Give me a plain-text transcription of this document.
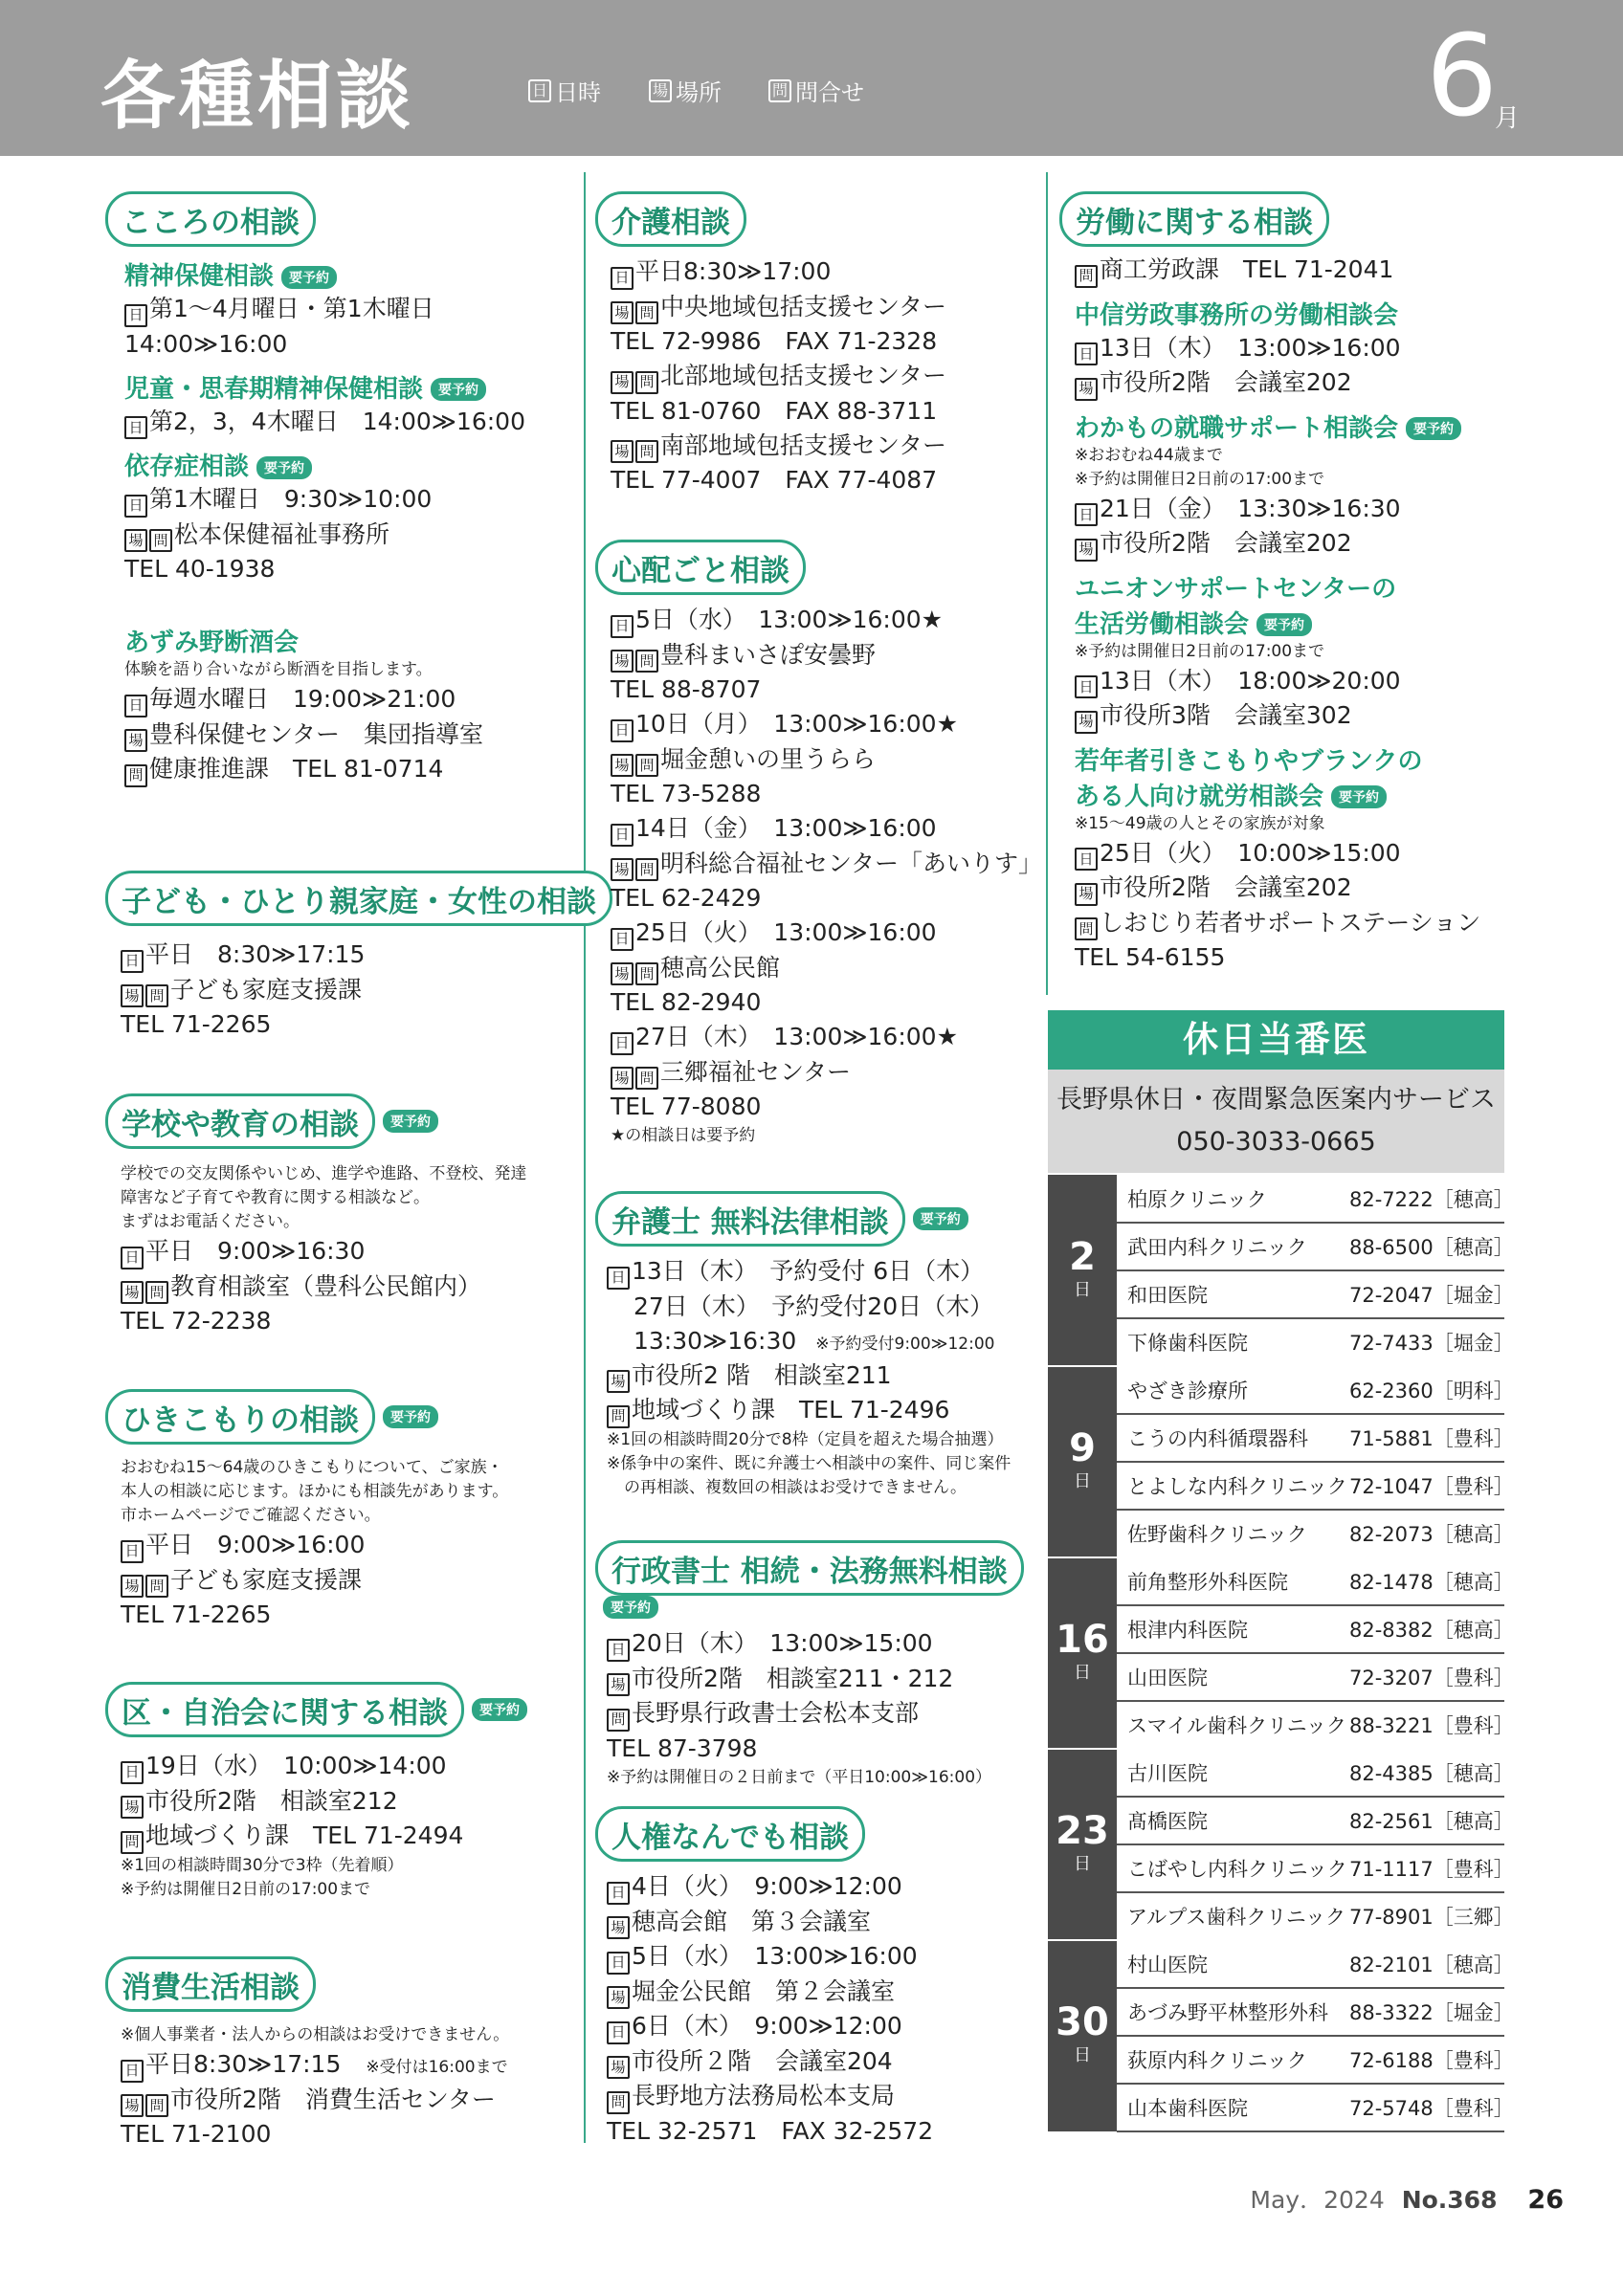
各種相談	日 日時	場 場所	問 問合せ	6
月
こころの相談
精神保健相談 要予約
日 第1～4月曜日・第1木曜日
14:00≫16:00
児童・思春期精神保健相談 要予約
日 第2，3，4木曜日　14:00≫16:00
依存症相談 要予約
日 第1木曜日　9:30≫10:00
場 問 松本保健福祉事務所
TEL 40-1938
あずみ野断酒会
体験を語り合いながら断酒を目指します。
日 毎週水曜日　19:00≫21:00
場 豊科保健センター　集団指導室
問 健康推進課　TEL 81-0714
子ども・ひとり親家庭・女性の相談
日 平日　8:30≫17:15
場 問 子ども家庭支援課
TEL 71-2265
学校や教育の相談 要予約
学校での交友関係やいじめ、進学や進路、不登校、発達
障害など子育てや教育に関する相談など。
まずはお電話ください。
日 平日　9:00≫16:30
場 問 教育相談室（豊科公民館内）
TEL 72-2238
ひきこもりの相談 要予約
おおむね15～64歳のひきこもりについて、ご家族・
本人の相談に応じます。ほかにも相談先があります。
市ホームページでご確認ください。
日 平日　9:00≫16:00
場 問 子ども家庭支援課
TEL 71-2265
区・自治会に関する相談 要予約
日 19日（水）　10:00≫14:00
場 市役所2階　相談室212
問 地域づくり課　TEL 71-2494
※1回の相談時間30分で3枠（先着順）
※予約は開催日2日前の17:00まで
消費生活相談
※個人事業者・法人からの相談はお受けできません。
日 平日8:30≫17:15 ※受付は16:00まで
場 問 市役所2階　消費生活センター
TEL 71-2100
介護相談
日 平日8:30≫17:00
場 問 中央地域包括支援センター
TEL 72-9986　FAX 71-2328
場 問 北部地域包括支援センター
TEL 81-0760　FAX 88-3711
場 問 南部地域包括支援センター
TEL 77-4007　FAX 77-4087
心配ごと相談
日 5日（水）　13:00≫16:00★
場 問 豊科まいさぽ安曇野
TEL 88-8707
日 10日（月）　13:00≫16:00★
場 問 堀金憩いの里うらら
TEL 73-5288
日 14日（金）　13:00≫16:00
場 問 明科総合福祉センター「あいりす」
TEL 62-2429
日 25日（火）　13:00≫16:00
場 問 穂高公民館
TEL 82-2940
日 27日（木）　13:00≫16:00★
場 問 三郷福祉センター
TEL 77-8080
★の相談日は要予約
弁護士 無料法律相談 要予約
日 13日（木）　予約受付 6日（木）
27日（木）　予約受付20日（木）
13:30≫16:30 ※予約受付9:00≫12:00
場 市役所2 階　相談室211
問 地域づくり課　TEL 71-2496
※1回の相談時間20分で8枠（定員を超えた場合抽選）
※係争中の案件、既に弁護士へ相談中の案件、同じ案件
の再相談、複数回の相談はお受けできません。
行政書士 相続・法務無料相談要予約
日 20日（木）　13:00≫15:00
場 市役所2階　相談室211・212
問 長野県行政書士会松本支部
TEL 87-3798
※予約は開催日の２日前まで（平日10:00≫16:00）
人権なんでも相談
日 4日（火）　9:00≫12:00
場 穂高会館　第３会議室
日 5日（水）　13:00≫16:00
場 堀金公民館　第２会議室
日 6日（木）　9:00≫12:00
場 市役所２階　会議室204
問 長野地方法務局松本支局
TEL 32-2571　FAX 32-2572
労働に関する相談
問 商工労政課　TEL 71-2041
中信労政事務所の労働相談会
日 13日（木）　13:00≫16:00
場 市役所2階　会議室202
わかもの就職サポート相談会 要予約
※おおむね44歳まで
※予約は開催日2日前の17:00まで
日 21日（金）　13:30≫16:30
場 市役所2階　会議室202
ユニオンサポートセンターの
生活労働相談会 要予約
※予約は開催日2日前の17:00まで
日 13日（木）　18:00≫20:00
場 市役所3階　会議室302
若年者引きこもりやブランクの
ある人向け就労相談会 要予約
※15～49歳の人とその家族が対象
日 25日（火）　10:00≫15:00
場 市役所2階　会議室202
問 しおじり若者サポートステーション
TEL 54-6155
休日当番医
長野県休日・夜間緊急医案内サービス
050-3033-0665
2
日
柏原クリニック	82-7222［穂高］
武田内科クリニック	88-6500［穂高］
和田医院	72-2047［堀金］
下條歯科医院	72-7433［堀金］
9
日
やざき診療所	62-2360［明科］
こうの内科循環器科	71-5881［豊科］
とよしな内科クリニック 72-1047［豊科］
佐野歯科クリニック	82-2073［穂高］
16
日
前角整形外科医院	82-1478［穂高］
根津内科医院	82-8382［穂高］
山田医院	72-3207［豊科］
スマイル歯科クリニック 88-3221［豊科］
23
日
古川医院	82-4385［穂高］
髙橋医院	82-2561［穂高］
こばやし内科クリニック 71-1117［豊科］
アルプス歯科クリニック 77-8901［三郷］
30
日
村山医院	82-2101［穂高］
あづみ野平林整形外科	88-3322［堀金］
荻原内科クリニック	72-6188［豊科］
山本歯科医院	72-5748［豊科］
May．2024 No.368 26
